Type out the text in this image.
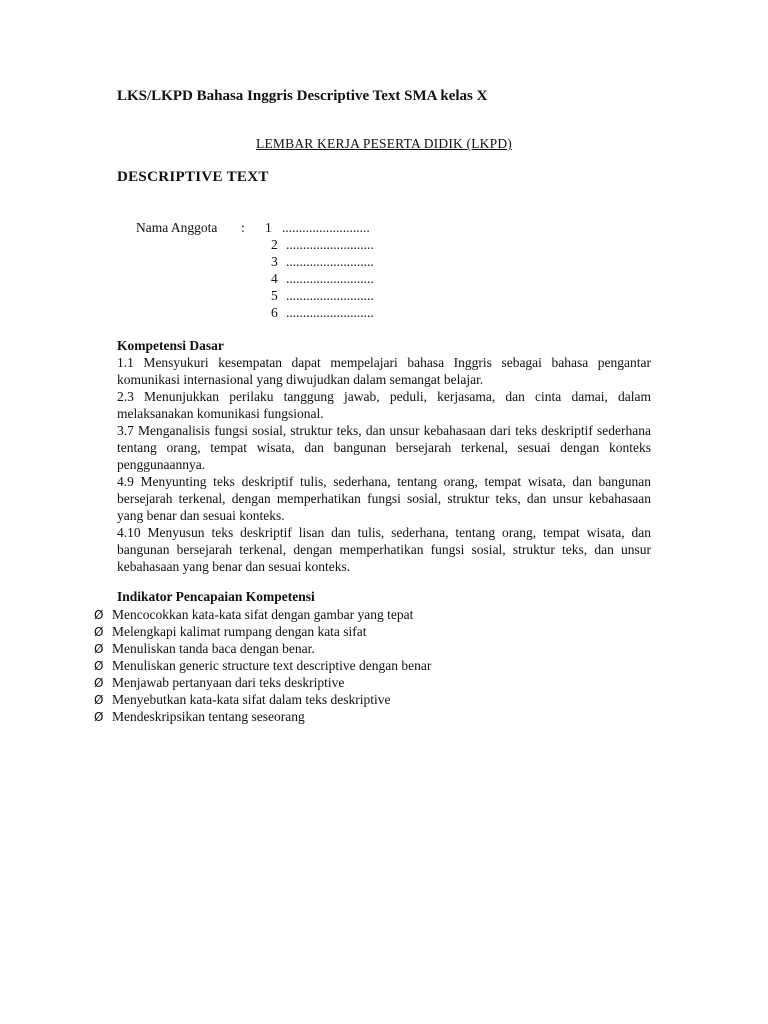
LKS/LKPD Bahasa Inggris Descriptive Text SMA kelas X

LEMBAR KERJA PESERTA DIDIK (LKPD)

DESCRIPTIVE TEXT
Nama Anggota : 1 ..........................
2 ..........................
3 ..........................
4 ..........................
5 ..........................
6 ..........................

Kompetensi Dasar

1.1 Mensyukuri kesempatan dapat mempelajari bahasa Inggris sebagai bahasa pengantar komunikasi internasional yang diwujudkan dalam semangat belajar.

2.3 Menunjukkan perilaku tanggung jawab, peduli, kerjasama, dan cinta damai, dalam melaksanakan komunikasi fungsional.

3.7 Menganalisis fungsi sosial, struktur teks, dan unsur kebahasaan dari teks deskriptif sederhana tentang orang, tempat wisata, dan bangunan bersejarah terkenal, sesuai dengan konteks penggunaannya.

4.9 Menyunting teks deskriptif tulis, sederhana, tentang orang, tempat wisata, dan bangunan bersejarah terkenal, dengan memperhatikan fungsi sosial, struktur teks, dan unsur kebahasaan yang benar dan sesuai konteks.

4.10 Menyusun teks deskriptif lisan dan tulis, sederhana, tentang orang, tempat wisata, dan bangunan bersejarah terkenal, dengan memperhatikan fungsi sosial, struktur teks, dan unsur kebahasaan yang benar dan sesuai konteks.

Indikator Pencapaian Kompetensi

Ø Mencocokkan kata-kata sifat dengan gambar yang tepat
Ø Melengkapi kalimat rumpang dengan kata sifat
Ø Menuliskan tanda baca dengan benar.
Ø Menuliskan generic structure text descriptive dengan benar
Ø Menjawab pertanyaan dari teks deskriptive
Ø Menyebutkan kata-kata sifat dalam teks deskriptive
Ø Mendeskripsikan tentang seseorang
